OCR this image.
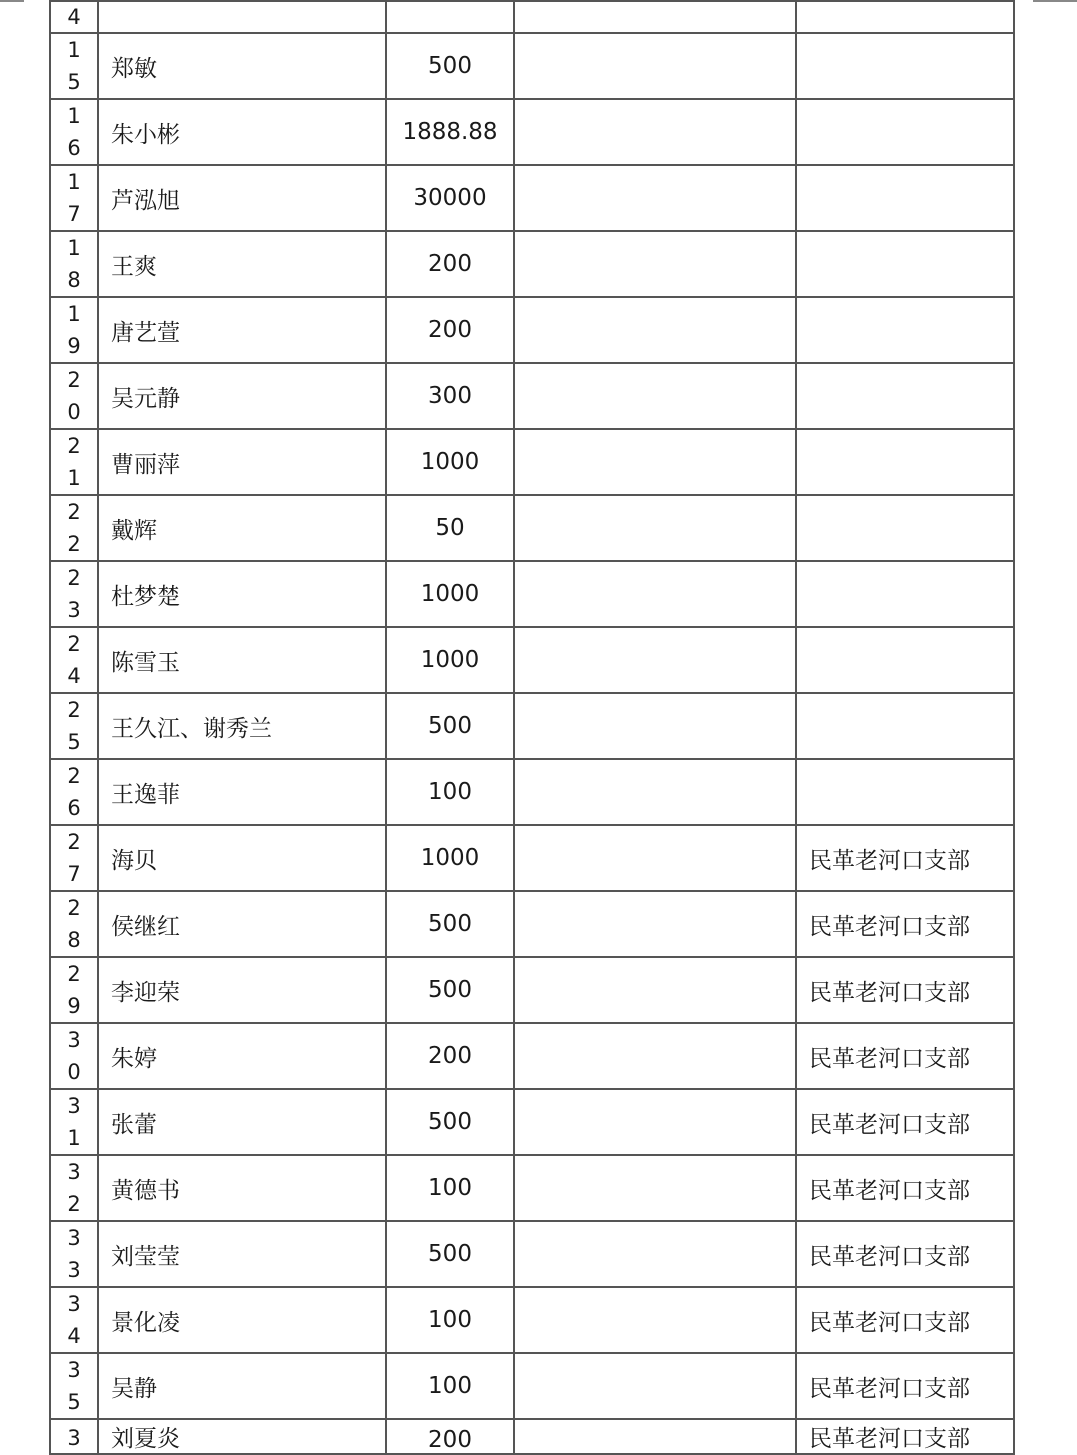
4				

15	郑敏	500		

16	朱小彬	1888.88		

17	芦泓旭	30000		

18	王爽	200		

19	唐艺萱	200		

20	吴元静	300		

21	曹丽萍	1000		

22	戴辉	50		

23	杜梦楚	1000		

24	陈雪玉	1000		

25	王久江、谢秀兰	500		

26	王逸菲	100		

27	海贝	1000		民革老河口支部

28	侯继红	500		民革老河口支部

29	李迎荣	500		民革老河口支部

30	朱婷	200		民革老河口支部

31	张蕾	500		民革老河口支部

32	黄德书	100		民革老河口支部

33	刘莹莹	500		民革老河口支部

34	景化凌	100		民革老河口支部

35	吴静	100		民革老河口支部

3	刘夏炎	200		民革老河口支部
